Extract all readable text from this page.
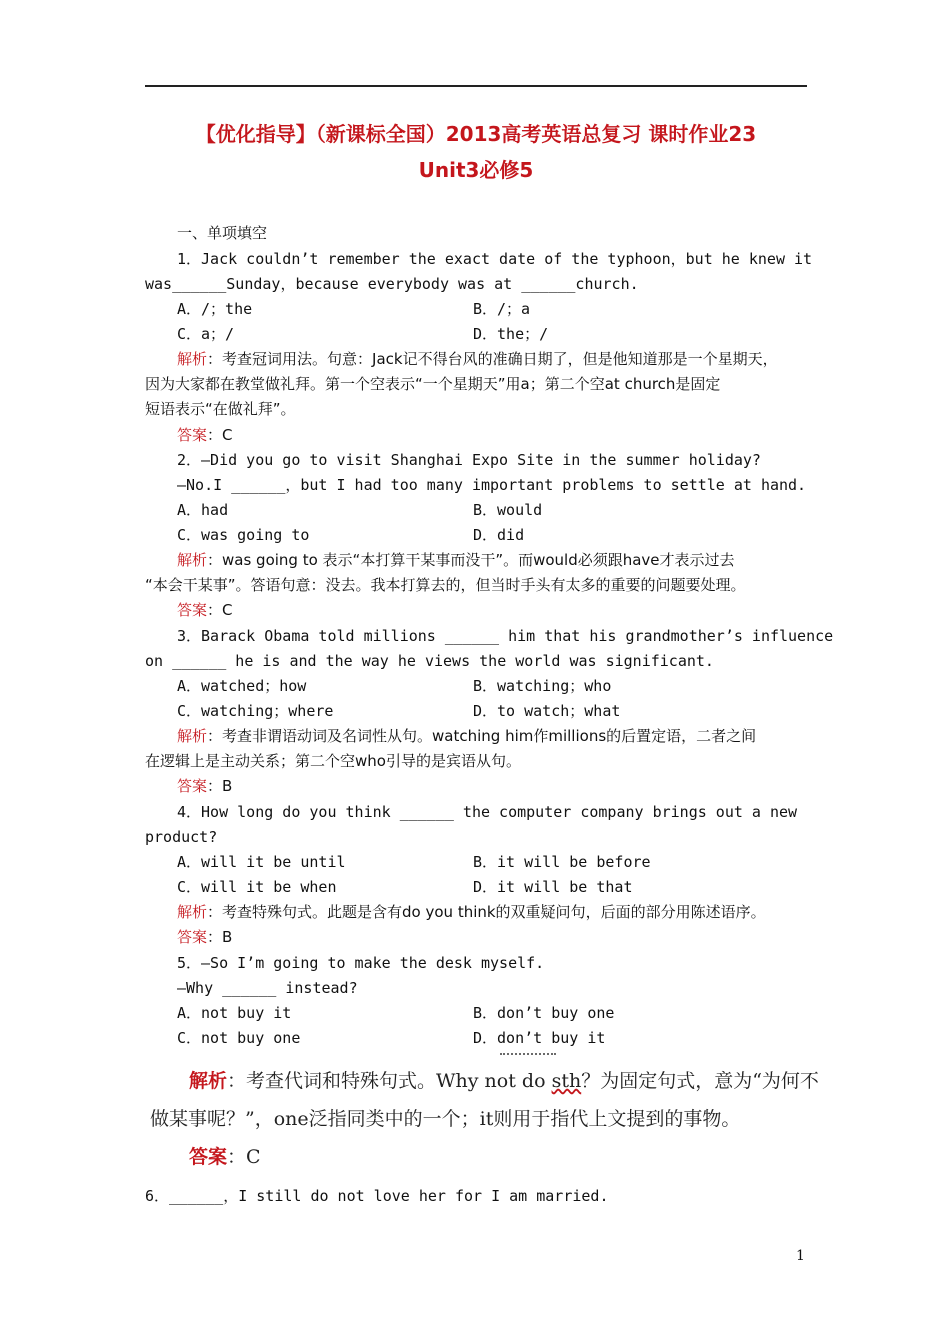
【优化指导】（新课标全国）2013高考英语总复习 课时作业23
Unit3必修5
一、单项填空
1．Jack couldn’t remember the exact date of the typhoon，but he knew it
was______Sunday，because everybody was at ______church.
A．/；the	B．/；a
C．a；/	D．the；/
解析：考查冠词用法。句意：Jack记不得台风的准确日期了，但是他知道那是一个星期天，
因为大家都在教堂做礼拜。第一个空表示“一个星期天”用a；第二个空at church是固定
短语表示“在做礼拜”。
答案：C
2．—Did you go to visit Shanghai Expo Site in the summer holiday?
—No.I ______，but I had too many important problems to settle at hand.
A．had	B．would
C．was going to	D．did
解析：was going to 表示“本打算干某事而没干”。而would必须跟have才表示过去
“本会干某事”。答语句意：没去。我本打算去的，但当时手头有太多的重要的问题要处理。
答案：C
3．Barack Obama told millions ______ him that his grandmother’s influence
on ______ he is and the way he views the world was significant.
A．watched；how	B．watching；who
C．watching；where	D．to watch；what
解析：考查非谓语动词及名词性从句。watching him作millions的后置定语，二者之间
在逻辑上是主动关系；第二个空who引导的是宾语从句。
答案：B
4．How long do you think ______ the computer company brings out a new
product?
A．will it be until	B．it will be before
C．will it be when	D．it will be that
解析：考查特殊句式。此题是含有do you think的双重疑问句，后面的部分用陈述语序。
答案：B
5．—So I’m going to make the desk myself.
—Why ______ instead?
A．not buy it	B．don’t buy one
C．not buy one	D．don’t buy it
解析：考查代词和特殊句式。Why not do sth？为固定句式，意为“为何不
做某事呢？”，one泛指同类中的一个；it则用于指代上文提到的事物。
答案：C
6．______，I still do not love her for I am married.
1
